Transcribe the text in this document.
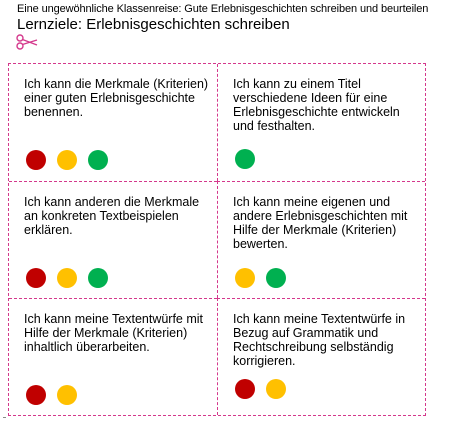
Eine ungewöhnliche Klassenreise: Gute Erlebnisgeschichten schreiben und beurteilen
Lernziele: Erlebnisgeschichten schreiben
Ich kann die Merkmale (Kriterien) einer guten Erlebnisgeschichte benennen.
Ich kann zu einem Titel verschiedene Ideen für eine Erlebnisgeschichte entwickeln und festhalten.
Ich kann anderen die Merkmale an konkreten Textbeispielen erklären.
Ich kann meine eigenen und andere Erlebnisgeschichten mit Hilfe der Merkmale (Kriterien) bewerten.
Ich kann meine Textentwürfe mit Hilfe der Merkmale (Kriterien) inhaltlich überarbeiten.
Ich kann meine Textentwürfe in Bezug auf Grammatik und Rechtschreibung selbständig korrigieren.
